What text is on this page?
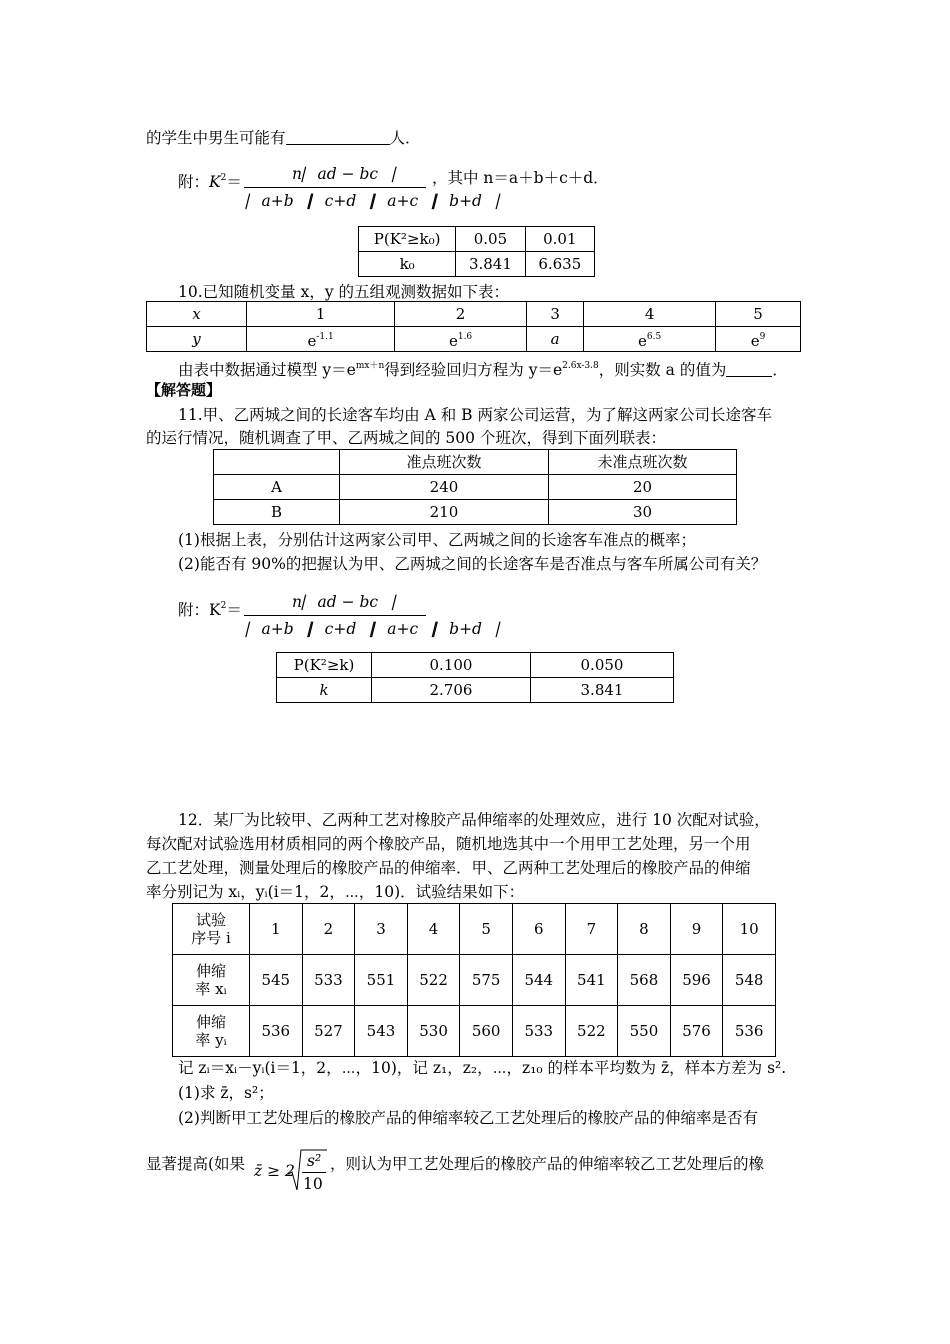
的学生中男生可能有	人．
附：$K^2=$	n⎸ad − bc⎹
⎸a+b⎹⎸c+d⎹⎸a+c⎹⎸b+d⎹
，其中 n＝a＋b＋c＋d．
P(K²≥k₀)	0.05	0.01
k₀	3.841	6.635
10.已知随机变量 x，y 的五组观测数据如下表：
x	1	2	3	4	5
y	$e^{-1.1}$	$e^{1.6}$	a	$e^{6.5}$	$e^9$
由表中数据通过模型 $y=e^{mx+n}$得到经验回归方程为 $y=e^{2.6x-3.8}$，则实数 a 的值为	．
【解答题】
11.甲、乙两城之间的长途客车均由 A 和 B 两家公司运营，为了解这两家公司长途客车
的运行情况，随机调查了甲、乙两城之间的 500 个班次，得到下面列联表：
	准点班次数	未准点班次数
A	240	20
B	210	30
(1)根据上表，分别估计这两家公司甲、乙两城之间的长途客车准点的概率；
(2)能否有 90%的把握认为甲、乙两城之间的长途客车是否准点与客车所属公司有关？
附：$K^2=$	n⎸ad − bc⎹
⎸a+b⎹⎸c+d⎹⎸a+c⎹⎸b+d⎹
P(K²≥k)	0.100	0.050
k	2.706	3.841
12．某厂为比较甲、乙两种工艺对橡胶产品伸缩率的处理效应，进行 10 次配对试验，
每次配对试验选用材质相同的两个橡胶产品，随机地选其中一个用甲工艺处理，另一个用
乙工艺处理，测量处理后的橡胶产品的伸缩率．甲、乙两种工艺处理后的橡胶产品的伸缩
率分别记为 xᵢ，yᵢ(i＝1，2，⋯，10)．试验结果如下：
试验
序号 i	1	2	3	4	5	6	7	8	9	10
伸缩
率 xᵢ	545	533	551	522	575	544	541	568	596	548
伸缩
率 yᵢ	536	527	543	530	560	533	522	550	576	536
记 zᵢ＝xᵢ－yᵢ(i＝1，2，⋯，10)，记 z₁，z₂，⋯，z₁₀ 的样本平均数为 z̄，样本方差为 s².
(1)求 z̄，s²；
(2)判断甲工艺处理后的橡胶产品的伸缩率较乙工艺处理后的橡胶产品的伸缩率是否有
显著提高(如果 z̄ ≥ 2
s²
10
，则认为甲工艺处理后的橡胶产品的伸缩率较乙工艺处理后的橡
